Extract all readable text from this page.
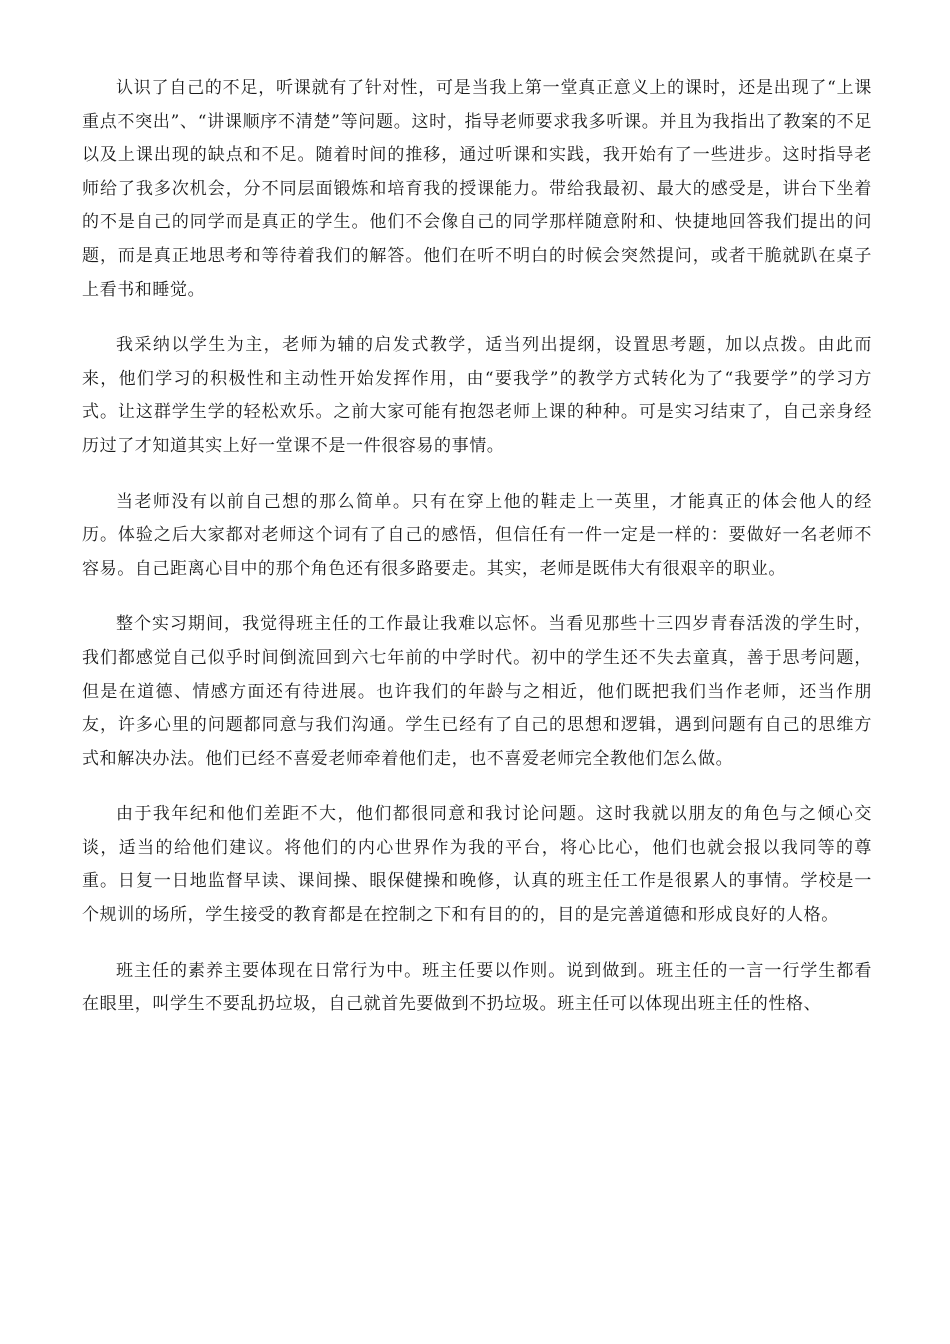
认识了自己的不足，听课就有了针对性，可是当我上第一堂真正意义上的课时，还是出现了“上课重点不突出”、“讲课顺序不清楚”等问题。这时，指导老师要求我多听课。并且为我指出了教案的不足以及上课出现的缺点和不足。随着时间的推移，通过听课和实践，我开始有了一些进步。这时指导老师给了我多次机会，分不同层面锻炼和培育我的授课能力。带给我最初、最大的感受是，讲台下坐着的不是自己的同学而是真正的学生。他们不会像自己的同学那样随意附和、快捷地回答我们提出的问题，而是真正地思考和等待着我们的解答。他们在听不明白的时候会突然提问，或者干脆就趴在桌子上看书和睡觉。

我采纳以学生为主，老师为辅的启发式教学，适当列出提纲，设置思考题，加以点拨。由此而来，他们学习的积极性和主动性开始发挥作用，由“要我学”的教学方式转化为了“我要学”的学习方式。让这群学生学的轻松欢乐。之前大家可能有抱怨老师上课的种种。可是实习结束了，自己亲身经历过了才知道其实上好一堂课不是一件很容易的事情。

当老师没有以前自己想的那么简单。只有在穿上他的鞋走上一英里，才能真正的体会他人的经历。体验之后大家都对老师这个词有了自己的感悟，但信任有一件一定是一样的：要做好一名老师不容易。自己距离心目中的那个角色还有很多路要走。其实，老师是既伟大有很艰辛的职业。

整个实习期间，我觉得班主任的工作最让我难以忘怀。当看见那些十三四岁青春活泼的学生时，我们都感觉自己似乎时间倒流回到六七年前的中学时代。初中的学生还不失去童真，善于思考问题，但是在道德、情感方面还有待进展。也许我们的年龄与之相近，他们既把我们当作老师，还当作朋友，许多心里的问题都同意与我们沟通。学生已经有了自己的思想和逻辑，遇到问题有自己的思维方式和解决办法。他们已经不喜爱老师牵着他们走，也不喜爱老师完全教他们怎么做。

由于我年纪和他们差距不大，他们都很同意和我讨论问题。这时我就以朋友的角色与之倾心交谈，适当的给他们建议。将他们的内心世界作为我的平台，将心比心，他们也就会报以我同等的尊重。日复一日地监督早读、课间操、眼保健操和晚修，认真的班主任工作是很累人的事情。学校是一个规训的场所，学生接受的教育都是在控制之下和有目的的，目的是完善道德和形成良好的人格。

班主任的素养主要体现在日常行为中。班主任要以作则。说到做到。班主任的一言一行学生都看在眼里，叫学生不要乱扔垃圾，自己就首先要做到不扔垃圾。班主任可以体现出班主任的性格、
